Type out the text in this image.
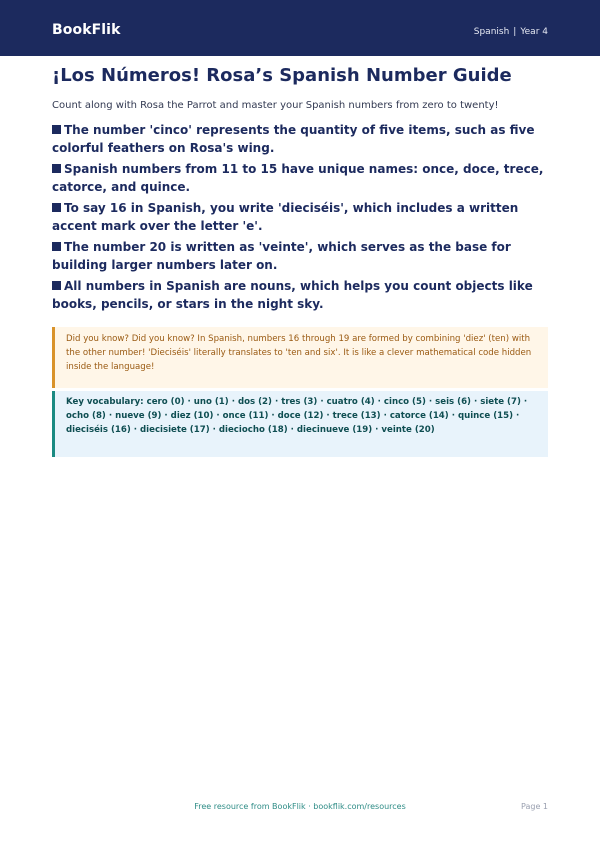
BookFlik	Spanish | Year 4
¡Los Números! Rosa’s Spanish Number Guide

Count along with Rosa the Parrot and master your Spanish numbers from zero to twenty!

The number 'cinco' represents the quantity of five items, such as five colorful feathers on Rosa's wing.
Spanish numbers from 11 to 15 have unique names: once, doce, trece, catorce, and quince.
To say 16 in Spanish, you write 'dieciséis', which includes a written accent mark over the letter 'e'.
The number 20 is written as 'veinte', which serves as the base for building larger numbers later on.
All numbers in Spanish are nouns, which helps you count objects like books, pencils, or stars in the night sky.
Did you know? Did you know? In Spanish, numbers 16 through 19 are formed by combining 'diez' (ten) with the other number! 'Dieciséis' literally translates to 'ten and six'. It is like a clever mathematical code hidden inside the language!
Key vocabulary: cero (0) · uno (1) · dos (2) · tres (3) · cuatro (4) · cinco (5) · seis (6) · siete (7) · ocho (8) · nueve (9) · diez (10) · once (11) · doce (12) · trece (13) · catorce (14) · quince (15) · dieciséis (16) · diecisiete (17) · dieciocho (18) · diecinueve (19) · veinte (20)
Free resource from BookFlik · bookflik.com/resources	Page 1
